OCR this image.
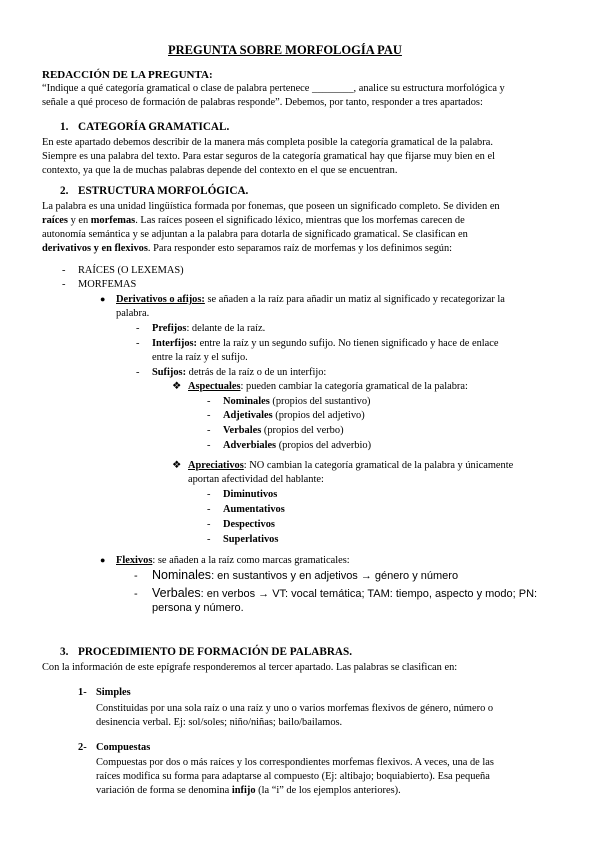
PREGUNTA SOBRE MORFOLOGÍA PAU
REDACCIÓN DE LA PREGUNTA:
“Indique a qué categoría gramatical o clase de palabra pertenece ________, analice su estructura morfológica y
señale a qué proceso de formación de palabras responde”. Debemos, por tanto, responder a tres apartados:
1. CATEGORÍA GRAMATICAL.
En este apartado debemos describir de la manera más completa posible la categoría gramatical de la palabra.
Siempre es una palabra del texto. Para estar seguros de la categoría gramatical hay que fijarse muy bien en el
contexto, ya que la de muchas palabras depende del contexto en el que se encuentran.
2. ESTRUCTURA MORFOLÓGICA.
La palabra es una unidad lingüística formada por fonemas, que poseen un significado completo. Se dividen en
raíces y en morfemas. Las raíces poseen el significado léxico, mientras que los morfemas carecen de
autonomía semántica y se adjuntan a la palabra para dotarla de significado gramatical. Se clasifican en
derivativos y en flexivos. Para responder esto separamos raíz de morfemas y los definimos según:
- RAÍCES (O LEXEMAS)
- MORFEMAS
● Derivativos o afijos: se añaden a la raíz para añadir un matiz al significado y recategorizar la
palabra.
- Prefijos: delante de la raíz.
- Interfijos: entre la raíz y un segundo sufijo. No tienen significado y hace de enlace
entre la raíz y el sufijo.
- Sufijos: detrás de la raíz o de un interfijo:
❖ Aspectuales: pueden cambiar la categoría gramatical de la palabra:
- Nominales (propios del sustantivo)
- Adjetivales (propios del adjetivo)
- Verbales (propios del verbo)
- Adverbiales (propios del adverbio)
❖ Apreciativos: NO cambian la categoría gramatical de la palabra y únicamente
aportan afectividad del hablante:
- Diminutivos
- Aumentativos
- Despectivos
- Superlativos
● Flexivos: se añaden a la raíz como marcas gramaticales:
- Nominales: en sustantivos y en adjetivos → género y número
- Verbales: en verbos → VT: vocal temática; TAM: tiempo, aspecto y modo; PN:
persona y número.
3. PROCEDIMIENTO DE FORMACIÓN DE PALABRAS.
Con la información de este epígrafe responderemos al tercer apartado. Las palabras se clasifican en:
1- Simples
Constituidas por una sola raíz o una raíz y uno o varios morfemas flexivos de género, número o
desinencia verbal. Ej: sol/soles; niño/niñas; bailo/bailamos.
2- Compuestas
Compuestas por dos o más raíces y los correspondientes morfemas flexivos. A veces, una de las
raíces modifica su forma para adaptarse al compuesto (Ej: altibajo; boquiabierto). Esa pequeña
variación de forma se denomina infijo (la “i” de los ejemplos anteriores).
